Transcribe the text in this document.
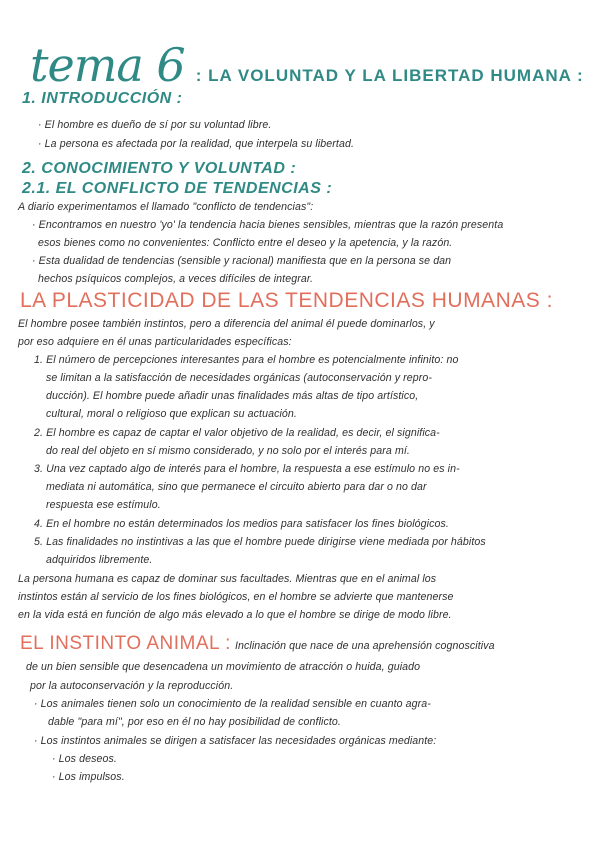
tema 6 : LA VOLUNTAD Y LA LIBERTAD HUMANA :
1. INTRODUCCIÓN :
· El hombre es dueño de sí por su voluntad libre.
· La persona es afectada por la realidad, que interpela su libertad.
2. CONOCIMIENTO Y VOLUNTAD :
2.1. EL CONFLICTO DE TENDENCIAS :
A diario experimentamos el llamado "conflicto de tendencias":
· Encontramos en nuestro 'yo' la tendencia hacia bienes sensibles, mientras que la razón presenta
esos bienes como no convenientes: Conflicto entre el deseo y la apetencia, y la razón.
· Esta dualidad de tendencias (sensible y racional) manifiesta que en la persona se dan
hechos psíquicos complejos, a veces difíciles de integrar.
LA PLASTICIDAD DE LAS TENDENCIAS HUMANAS :
El hombre posee también instintos, pero a diferencia del animal él puede dominarlos, y
por eso adquiere en él unas particularidades específicas:
1. El número de percepciones interesantes para el hombre es potencialmente infinito: no
se limitan a la satisfacción de necesidades orgánicas (autoconservación y repro-
ducción). El hombre puede añadir unas finalidades más altas de tipo artístico,
cultural, moral o religioso que explican su actuación.
2. El hombre es capaz de captar el valor objetivo de la realidad, es decir, el significa-
do real del objeto en sí mismo considerado, y no solo por el interés para mí.
3. Una vez captado algo de interés para el hombre, la respuesta a ese estímulo no es in-
mediata ni automática, sino que permanece el circuito abierto para dar o no dar
respuesta ese estímulo.
4. En el hombre no están determinados los medios para satisfacer los fines biológicos.
5. Las finalidades no instintivas a las que el hombre puede dirigirse viene mediada por hábitos
adquiridos libremente.
La persona humana es capaz de dominar sus facultades. Mientras que en el animal los
instintos están al servicio de los fines biológicos, en el hombre se advierte que mantenerse
en la vida está en función de algo más elevado a lo que el hombre se dirige de modo libre.
EL INSTINTO ANIMAL : Inclinación que nace de una aprehensión cognoscitiva
de un bien sensible que desencadena un movimiento de atracción o huida, guiado
por la autoconservación y la reproducción.
· Los animales tienen solo un conocimiento de la realidad sensible en cuanto agra-
dable "para mí", por eso en él no hay posibilidad de conflicto.
· Los instintos animales se dirigen a satisfacer las necesidades orgánicas mediante:
· Los deseos.
· Los impulsos.
